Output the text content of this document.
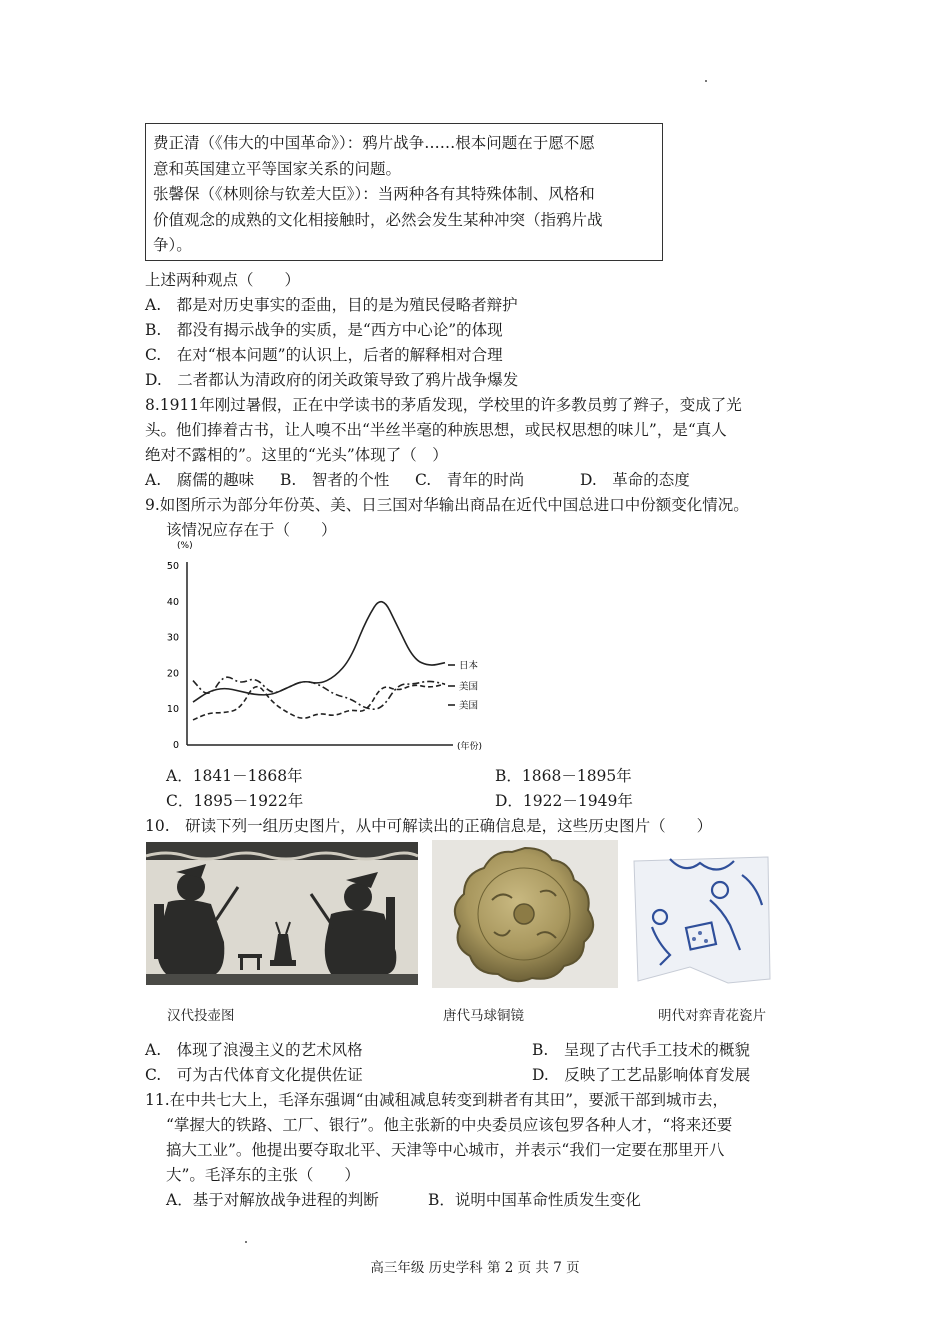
费正清（《伟大的中国革命》）：鸦片战争……根本问题在于愿不愿
意和英国建立平等国家关系的问题。
张馨保（《林则徐与钦差大臣》）：当两种各有其特殊体制、风格和
价值观念的成熟的文化相接触时，必然会发生某种冲突（指鸦片战
争）。
上述两种观点（　　）
A.　都是对历史事实的歪曲，目的是为殖民侵略者辩护
B.　都没有揭示战争的实质，是“西方中心论”的体现
C.　在对“根本问题”的认识上，后者的解释相对合理
D.　二者都认为清政府的闭关政策导致了鸦片战争爆发
8.1911年刚过暑假，正在中学读书的茅盾发现，学校里的许多教员剪了辫子，变成了光
头。他们捧着古书，让人嗅不出“半丝半毫的种族思想，或民权思想的味儿”，是“真人
绝对不露相的”。这里的“光头”体现了（　）
A.　腐儒的趣味 B.　智者的个性 C.　青年的时尚	D.　革命的态度
9.如图所示为部分年份英、美、日三国对华输出商品在近代中国总进口中份额变化情况。
该情况应存在于（　　）
(%)
(年份)
0
10
20
30
40
50
日本
美国
美国
A．1841－1868年	B．1868－1895年
C．1895－1922年	D．1922－1949年
10.　研读下列一组历史图片，从中可解读出的正确信息是，这些历史图片（　　）
汉代投壶图	唐代马球铜镜	明代对弈青花瓷片
A.　体现了浪漫主义的艺术风格	B.　呈现了古代手工技术的概貌
C.　可为古代体育文化提供佐证	D.　反映了工艺品影响体育发展
11.在中共七大上，毛泽东强调“由减租减息转变到耕者有其田”，要派干部到城市去，
“掌握大的铁路、工厂、银行”。他主张新的中央委员应该包罗各种人才，“将来还要
搞大工业”。他提出要夺取北平、天津等中心城市，并表示“我们一定要在那里开八
大”。毛泽东的主张（　　）
A．基于对解放战争进程的判断	B．说明中国革命性质发生变化
高三年级 历史学科 第 2 页 共 7 页
